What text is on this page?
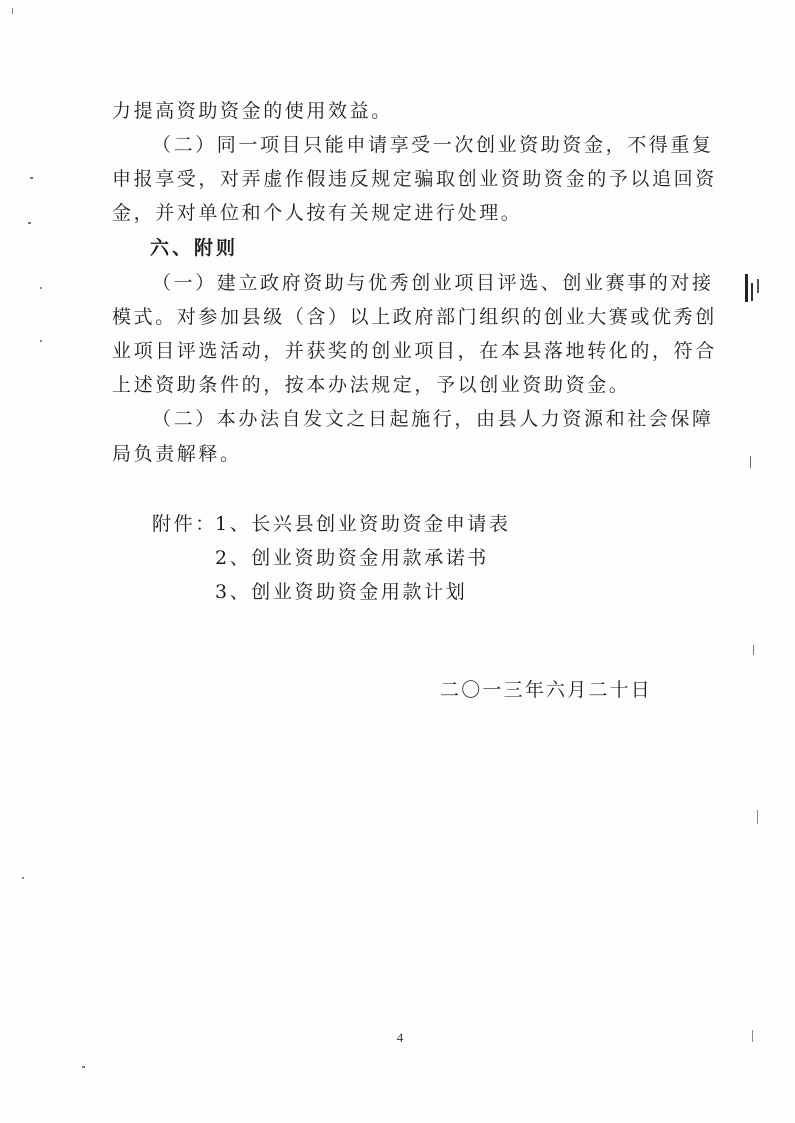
力提高资助资金的使用效益。
（二）同一项目只能申请享受一次创业资助资金，不得重复
申报享受，对弄虚作假违反规定骗取创业资助资金的予以追回资
金，并对单位和个人按有关规定进行处理。
六、附则
（一）建立政府资助与优秀创业项目评选、创业赛事的对接
模式。对参加县级（含）以上政府部门组织的创业大赛或优秀创
业项目评选活动，并获奖的创业项目，在本县落地转化的，符合
上述资助条件的，按本办法规定，予以创业资助资金。
（二）本办法自发文之日起施行，由县人力资源和社会保障
局负责解释。
附件：
1、长兴县创业资助资金申请表
2、创业资助资金用款承诺书
3、创业资助资金用款计划
二〇一三年六月二十日
4
